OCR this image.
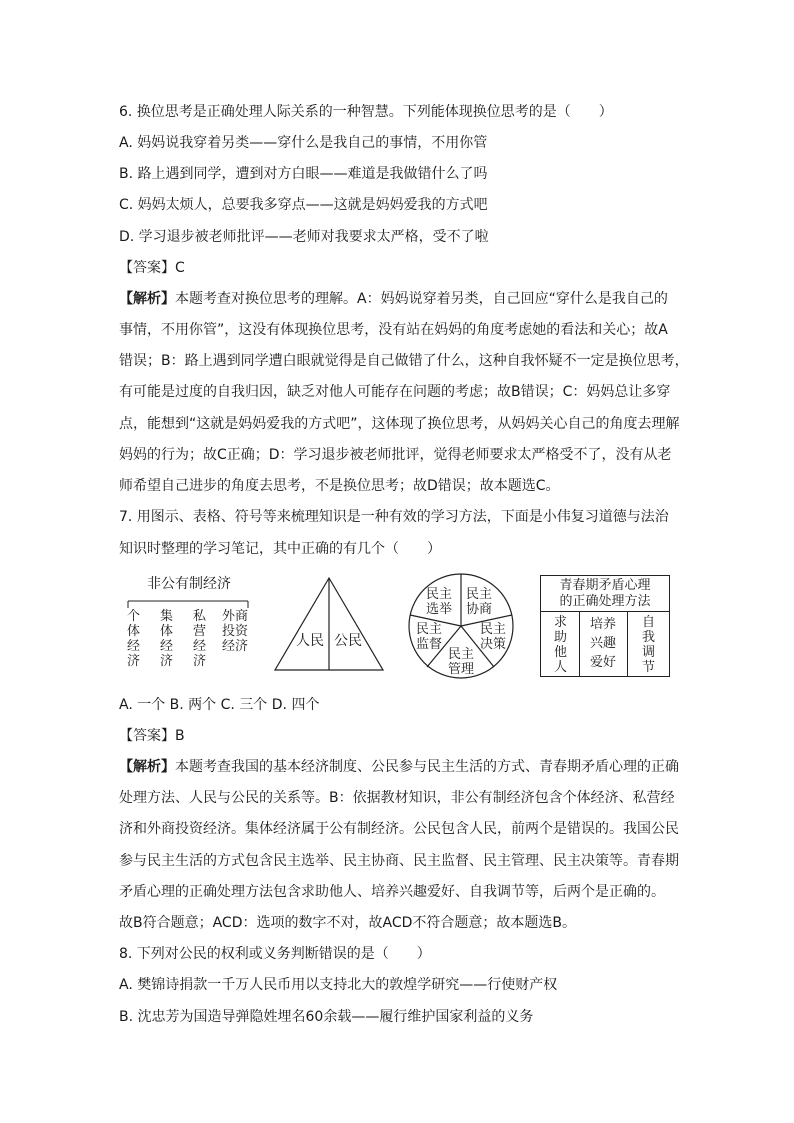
6. 换位思考是正确处理人际关系的一种智慧。下列能体现换位思考的是（　　）
A. 妈妈说我穿着另类——穿什么是我自己的事情，不用你管
B. 路上遇到同学，遭到对方白眼——难道是我做错什么了吗
C. 妈妈太烦人，总要我多穿点——这就是妈妈爱我的方式吧
D. 学习退步被老师批评——老师对我要求太严格，受不了啦
【答案】C
【解析】本题考查对换位思考的理解。A：妈妈说穿着另类，自己回应“穿什么是我自己的
事情，不用你管”，这没有体现换位思考，没有站在妈妈的角度考虑她的看法和关心；故A
错误；B：路上遇到同学遭白眼就觉得是自己做错了什么，这种自我怀疑不一定是换位思考，
有可能是过度的自我归因，缺乏对他人可能存在问题的考虑；故B错误；C：妈妈总让多穿
点，能想到“这就是妈妈爱我的方式吧”，这体现了换位思考，从妈妈关心自己的角度去理解
妈妈的行为；故C正确；D：学习退步被老师批评，觉得老师要求太严格受不了，没有从老
师希望自己进步的角度去思考，不是换位思考；故D错误；故本题选C。
7. 用图示、表格、符号等来梳理知识是一种有效的学习方法，下面是小伟复习道德与法治
知识时整理的学习笔记，其中正确的有几个（　　）
非公有制经济
个体经济
集体经济
私营经济
外商投资经济	人民 公民
民主
选举
民主
协商
民主
决策
民主
管理
民主
监督
青春期矛盾心理
的正确处理方法
求助他人
培养兴趣爱好
自我调节
A. 一个 B. 两个 C. 三个 D. 四个
【答案】B
【解析】本题考查我国的基本经济制度、公民参与民主生活的方式、青春期矛盾心理的正确
处理方法、人民与公民的关系等。B：依据教材知识，非公有制经济包含个体经济、私营经
济和外商投资经济。集体经济属于公有制经济。公民包含人民，前两个是错误的。我国公民
参与民主生活的方式包含民主选举、民主协商、民主监督、民主管理、民主决策等。青春期
矛盾心理的正确处理方法包含求助他人、培养兴趣爱好、自我调节等，后两个是正确的。
故B符合题意；ACD：选项的数字不对，故ACD不符合题意；故本题选B。
8. 下列对公民的权利或义务判断错误的是（　　）
A. 樊锦诗捐款一千万人民币用以支持北大的敦煌学研究——行使财产权
B. 沈忠芳为国造导弹隐姓埋名60余载——履行维护国家利益的义务
